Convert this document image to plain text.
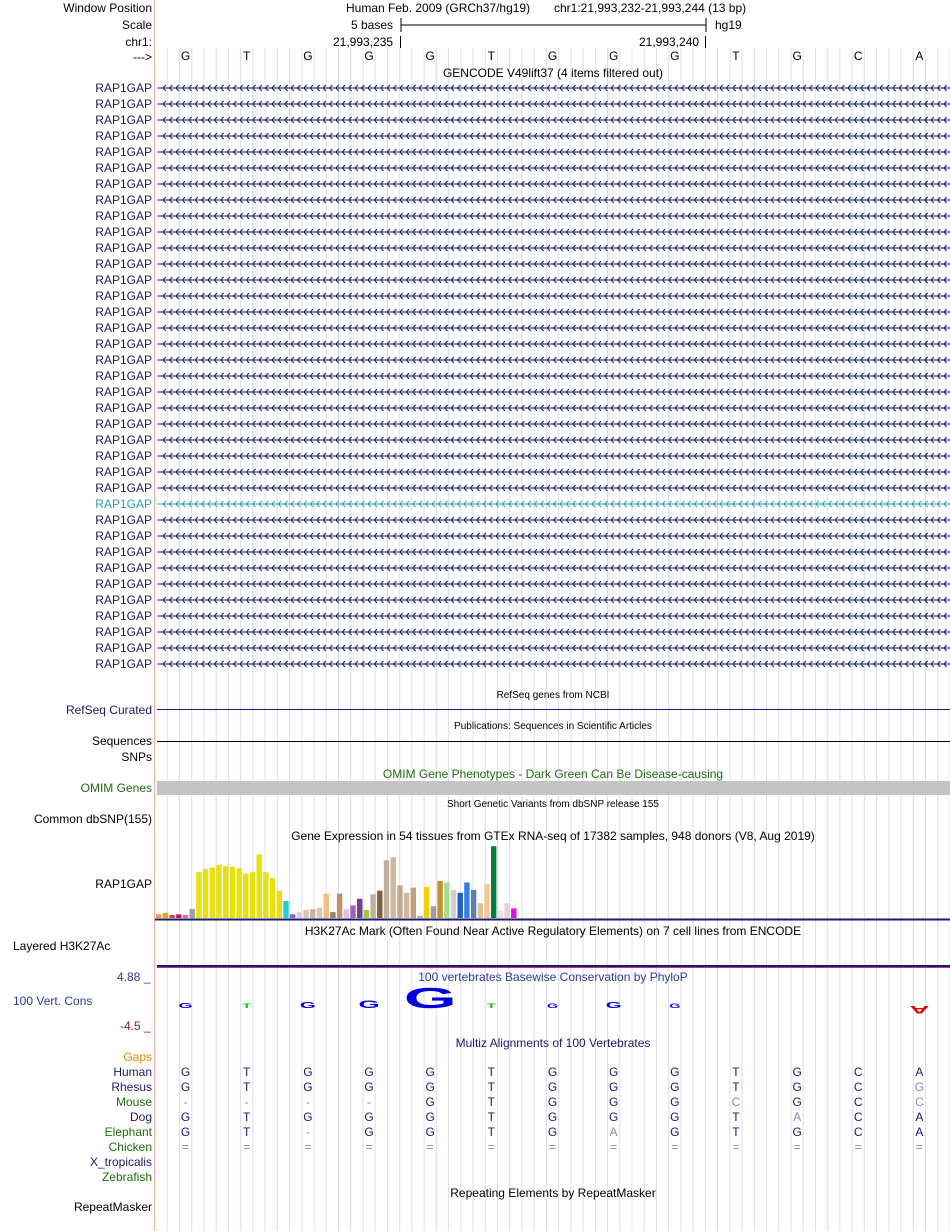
Window Position	Human Feb. 2009 (GRCh37/hg19) chr1:21,993,232-21,993,244 (13 bp)
Scale	5 bases	hg19
chr1:	21,993,235	21,993,240
--->	G	T	G	G	G	T	G	G	G	T	G	C	A
GENCODE V49lift37 (4 items filtered out)
RAP1GAP
RAP1GAP
RAP1GAP
RAP1GAP
RAP1GAP
RAP1GAP
RAP1GAP
RAP1GAP
RAP1GAP
RAP1GAP
RAP1GAP
RAP1GAP
RAP1GAP
RAP1GAP
RAP1GAP
RAP1GAP
RAP1GAP
RAP1GAP
RAP1GAP
RAP1GAP
RAP1GAP
RAP1GAP
RAP1GAP
RAP1GAP
RAP1GAP
RAP1GAP
RAP1GAP
RAP1GAP
RAP1GAP
RAP1GAP
RAP1GAP
RAP1GAP
RAP1GAP
RAP1GAP
RAP1GAP
RAP1GAP
RAP1GAP
RefSeq genes from NCBI
RefSeq Curated
Publications: Sequences in Scientific Articles
Sequences
SNPs
OMIM Gene Phenotypes - Dark Green Can Be Disease-causing
OMIM Genes
Short Genetic Variants from dbSNP release 155
Common dbSNP(155)
Gene Expression in 54 tissues from GTEx RNA-seq of 17382 samples, 948 donors (V8, Aug 2019)
RAP1GAP
H3K27Ac Mark (Often Found Near Active Regulatory Elements) on 7 cell lines from ENCODE
Layered H3K27Ac
100 vertebrates Basewise Conservation by PhyloP
4.88 _
100 Vert. Cons
-4.5 _
G	T	G	G G	T	G	G	G	A
Multiz Alignments of 100 Vertebrates
Gaps
Human	G	T	G	G	G	T	G	G	G	T	G	C	A
Rhesus	G	T	G	G	G	T	G	G	G	T	G	C	G
Mouse	-	-	-	-	G	T	G	G	G	C	G	C	C
Dog	G	T	G	G	G	T	G	G	G	T	A	C	A
Elephant	G	T	-	G	G	T	G	A	G	T	G	C	A
Chicken	=	=	=	=	=	=	=	=	=	=	=	=	=
X_tropicalis
Zebrafish
Repeating Elements by RepeatMasker
RepeatMasker
